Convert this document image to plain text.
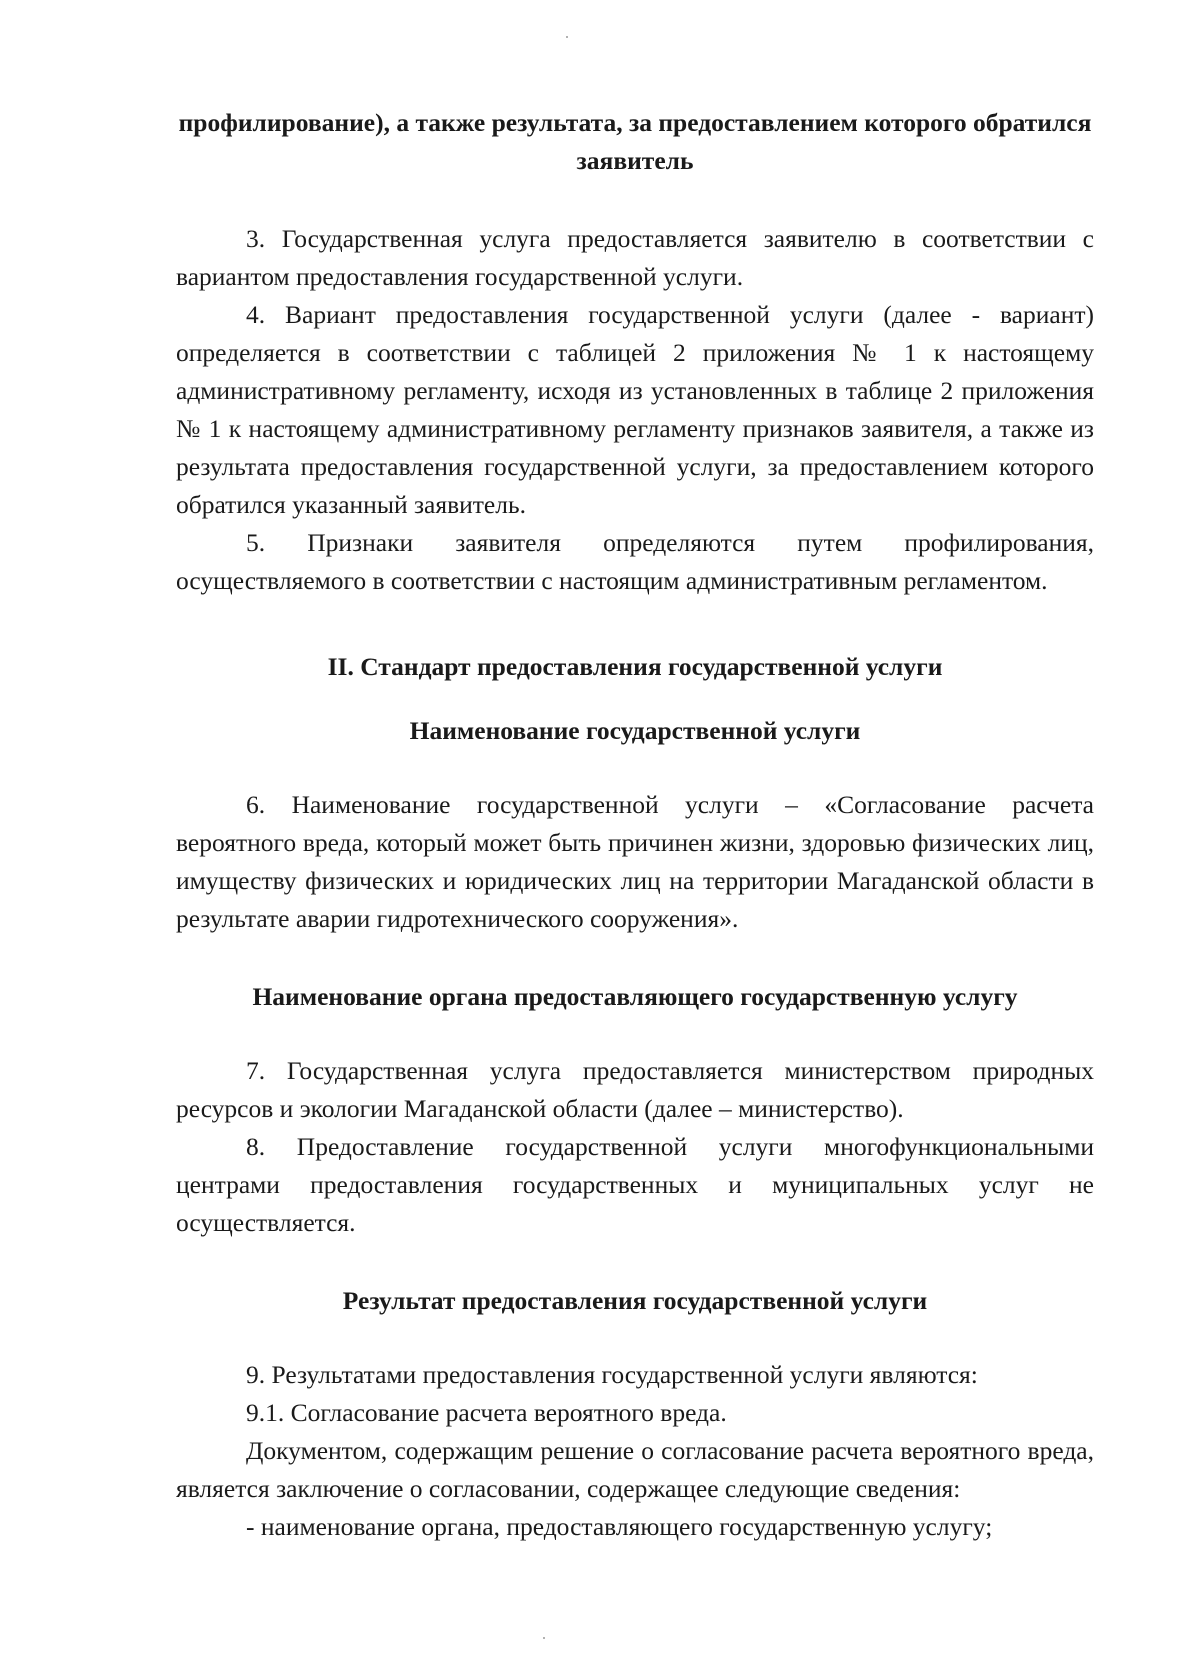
профилирование), а также результата, за предоставлением которого обратился заявитель

3. Государственная услуга предоставляется заявителю в соответствии с вариантом предоставления государственной услуги.

4. Вариант предоставления государственной услуги (далее - вариант) определяется в соответствии с таблицей 2 приложения № 1 к настоящему административному регламенту, исходя из установленных в таблице 2 приложения № 1 к настоящему административному регламенту признаков заявителя, а также из результата предоставления государственной услуги, за предоставлением которого обратился указанный заявитель.

5. Признаки заявителя определяются путем профилирования, осуществляемого в соответствии с настоящим административным регламентом.

II. Стандарт предоставления государственной услуги

Наименование государственной услуги

6. Наименование государственной услуги – «Согласование расчета вероятного вреда, который может быть причинен жизни, здоровью физических лиц, имуществу физических и юридических лиц на территории Магаданской области в результате аварии гидротехнического сооружения».

Наименование органа предоставляющего государственную услугу

7. Государственная услуга предоставляется министерством природных ресурсов и экологии Магаданской области (далее – министерство).

8. Предоставление государственной услуги многофункциональными центрами предоставления государственных и муниципальных услуг не осуществляется.

Результат предоставления государственной услуги

9. Результатами предоставления государственной услуги являются:

9.1. Согласование расчета вероятного вреда.

Документом, содержащим решение о согласование расчета вероятного вреда, является заключение о согласовании, содержащее следующие сведения:

- наименование органа, предоставляющего государственную услугу;
